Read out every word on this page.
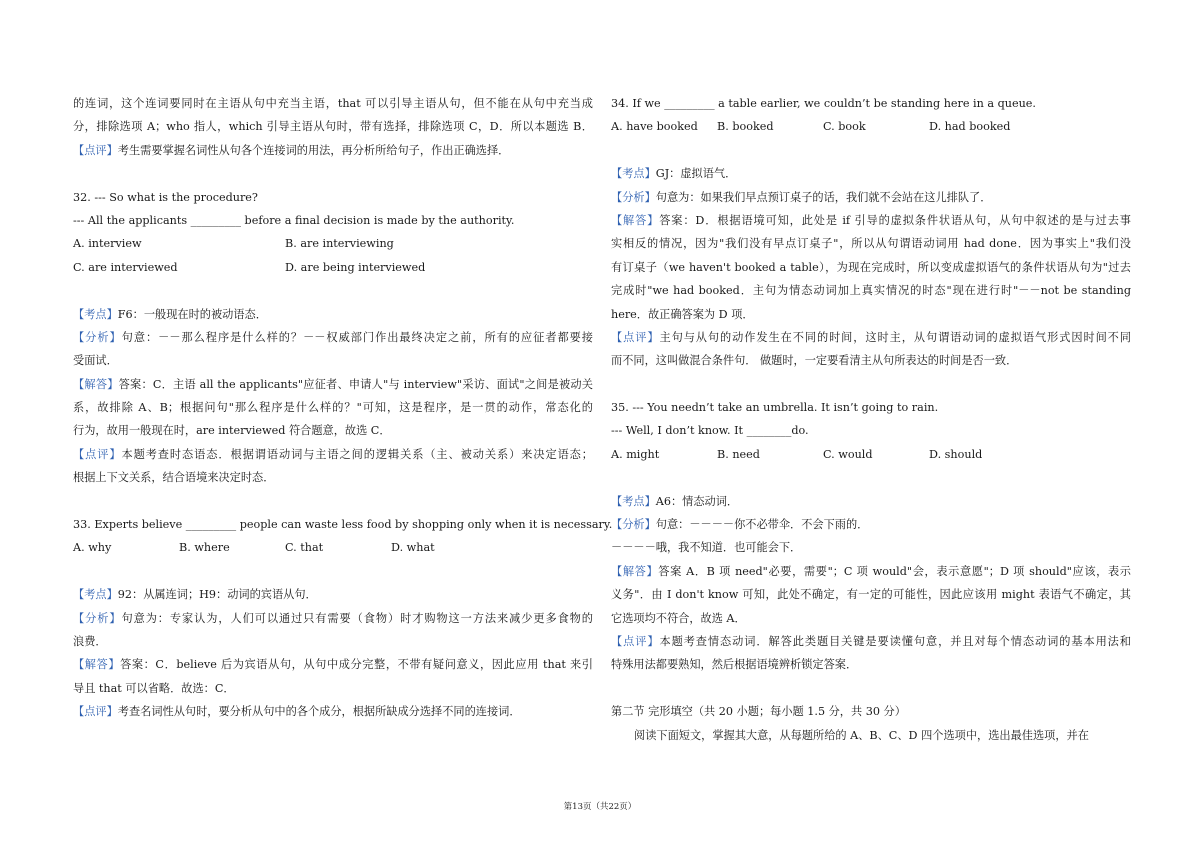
的连词，这个连词要同时在主语从句中充当主语，that 可以引导主语从句，但不能在从句中充当成
分，排除选项 A；who 指人，which 引导主语从句时，带有选择，排除选项 C，D．所以本题选 B．
【点评】考生需要掌握名词性从句各个连接词的用法，再分析所给句子，作出正确选择．
32. --- So what is the procedure?
--- All the applicants _________ before a final decision is made by the authority.
A. interview	B. are interviewing
C. are interviewed	D. are being interviewed
【考点】F6：一般现在时的被动语态．
【分析】句意：－－那么程序是什么样的？－－权威部门作出最终决定之前，所有的应征者都要接
受面试．
【解答】答案：C．主语 all the applicants"应征者、申请人"与 interview"采访、面试"之间是被动关
系，故排除 A、B；根据问句"那么程序是什么样的？"可知，这是程序，是一贯的动作，常态化的
行为，故用一般现在时，are interviewed 符合题意，故选 C．
【点评】本题考查时态语态．根据谓语动词与主语之间的逻辑关系（主、被动关系）来决定语态；
根据上下文关系，结合语境来决定时态．
33. Experts believe _________ people can waste less food by shopping only when it is necessary.
A. why	B. where	C. that	D. what
【考点】92：从属连词；H9：动词的宾语从句．
【分析】句意为：专家认为，人们可以通过只有需要（食物）时才购物这一方法来减少更多食物的
浪费．
【解答】答案：C．believe 后为宾语从句，从句中成分完整，不带有疑问意义，因此应用 that 来引
导且 that 可以省略．故选：C．
【点评】考查名词性从句时，要分析从句中的各个成分，根据所缺成分选择不同的连接词．
34. If we _________ a table earlier, we couldn’t be standing here in a queue.
A. have booked B. booked	C. book	D. had booked
【考点】GJ：虚拟语气．
【分析】句意为：如果我们早点预订桌子的话，我们就不会站在这儿排队了．
【解答】答案：D．根据语境可知，此处是 if 引导的虚拟条件状语从句，从句中叙述的是与过去事
实相反的情况，因为"我们没有早点订桌子"，所以从句谓语动词用 had done．因为事实上"我们没
有订桌子（we haven't booked a table），为现在完成时，所以变成虚拟语气的条件状语从句为"过去
完成时"we had booked．主句为情态动词加上真实情况的时态"现在进行时"－－not be standing
here．故正确答案为 D 项．
【点评】主句与从句的动作发生在不同的时间，这时主，从句谓语动词的虚拟语气形式因时间不同
而不同，这叫做混合条件句． 做题时，一定要看清主从句所表达的时间是否一致．
35. --- You needn’t take an umbrella. It isn’t going to rain.
--- Well, I don’t know. It ________do.
A. might	B. need	C. would	D. should
【考点】A6：情态动词．
【分析】句意：－－－－你不必带伞．不会下雨的．
－－－－哦，我不知道．也可能会下．
【解答】答案 A．B 项 need"必要，需要"；C 项 would"会，表示意愿"；D 项 should"应该，表示
义务"．由 I don't know 可知，此处不确定，有一定的可能性，因此应该用 might 表语气不确定，其
它选项均不符合，故选 A．
【点评】本题考查情态动词．解答此类题目关键是要读懂句意，并且对每个情态动词的基本用法和
特殊用法都要熟知，然后根据语境辨析锁定答案．
第二节 完形填空（共 20 小题；每小题 1.5 分，共 30 分）
阅读下面短文，掌握其大意，从每题所给的 A、B、C、D 四个选项中，选出最佳选项，并在
第13页（共22页）
